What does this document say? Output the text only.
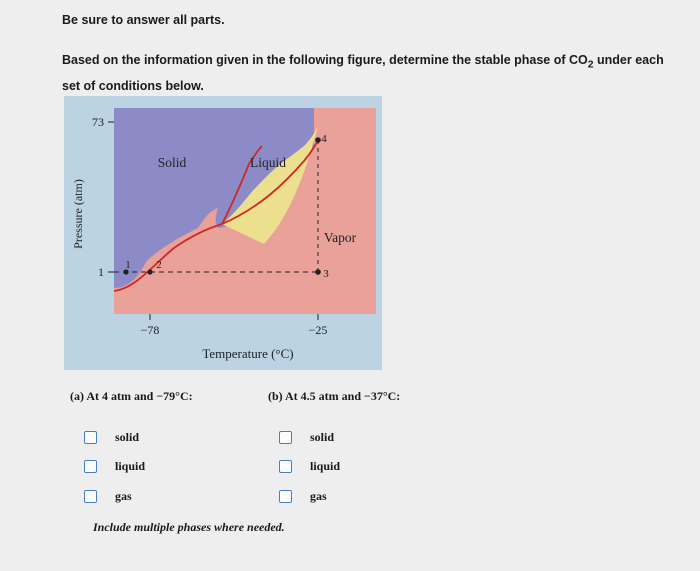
Be sure to answer all parts.
Based on the information given in the following figure, determine the stable phase of $CO_2$ under each set of conditions below.
73
1
−78	−25
Temperature (°C)
Pressure (atm)
Solid	Liquid
Vapor
1 2
3
4
(a) At 4 atm and −79°C:	(b) At 4.5 atm and −37°C:
solid
liquid
gas
solid
liquid
gas
Include multiple phases where needed.
